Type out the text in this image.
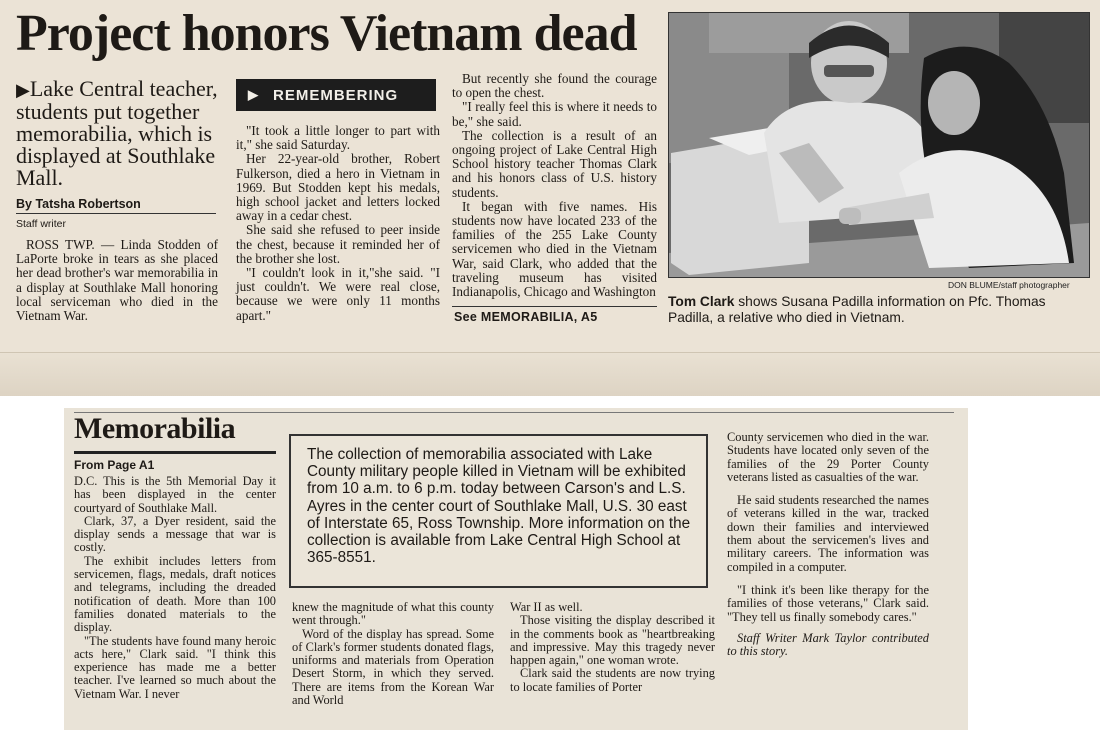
Project honors Vietnam dead
▶Lake Central teacher, students put together memorabilia, which is displayed at Southlake Mall.
By Tatsha Robertson
Staff writer

ROSS TWP. — Linda Stodden of LaPorte broke in tears as she placed her dead brother's war memorabilia in a display at Southlake Mall honoring local serviceman who died in the Vietnam War.

▶ REMEMBERING

"It took a little longer to part with it," she said Saturday.

Her 22-year-old brother, Robert Fulkerson, died a hero in Vietnam in 1969. But Stodden kept his medals, high school jacket and letters locked away in a cedar chest.

She said she refused to peer inside the chest, because it reminded her of the brother she lost.

"I couldn't look in it,"she said. "I just couldn't. We were real close, because we were only 11 months apart."

But recently she found the courage to open the chest.

"I really feel this is where it needs to be," she said.

The collection is a result of an ongoing project of Lake Central High School history teacher Thomas Clark and his honors class of U.S. history students.

It began with five names. His students now have located 233 of the families of the 255 Lake County servicemen who died in the Vietnam War, said Clark, who added that the traveling museum has visited Indianapolis, Chicago and Washington

See MEMORABILIA, A5
DON BLUME/staff photographer
Tom Clark shows Susana Padilla information on Pfc. Thomas Padilla, a relative who died in Vietnam.
Memorabilia
From Page A1

D.C. This is the 5th Memorial Day it has been displayed in the center courtyard of Southlake Mall.

Clark, 37, a Dyer resident, said the display sends a message that war is costly.

The exhibit includes letters from servicemen, flags, medals, draft notices and telegrams, including the dreaded notification of death. More than 100 families donated materials to the display.

"The students have found many heroic acts here," Clark said. "I think this experience has made me a better teacher. I've learned so much about the Vietnam War. I never

The collection of memorabilia associated with Lake County military people killed in Vietnam will be exhibited from 10 a.m. to 6 p.m. today between Carson's and L.S. Ayres in the center court of Southlake Mall, U.S. 30 east of Interstate 65, Ross Township. More information on the collection is available from Lake Central High School at 365-8551.

knew the magnitude of what this county went through."

Word of the display has spread. Some of Clark's former students donated flags, uniforms and materials from Operation Desert Storm, in which they served. There are items from the Korean War and World

War II as well.

Those visiting the display described it in the comments book as "heartbreaking and impressive. May this tragedy never happen again," one woman wrote.

Clark said the students are now trying to locate families of Porter

County servicemen who died in the war. Students have located only seven of the families of the 29 Porter County veterans listed as casualties of the war.

He said students researched the names of veterans killed in the war, tracked down their families and interviewed them about the servicemen's lives and military careers. The information was compiled in a computer.

"I think it's been like therapy for the families of those veterans," Clark said. "They tell us finally somebody cares."

Staff Writer Mark Taylor contributed to this story.
